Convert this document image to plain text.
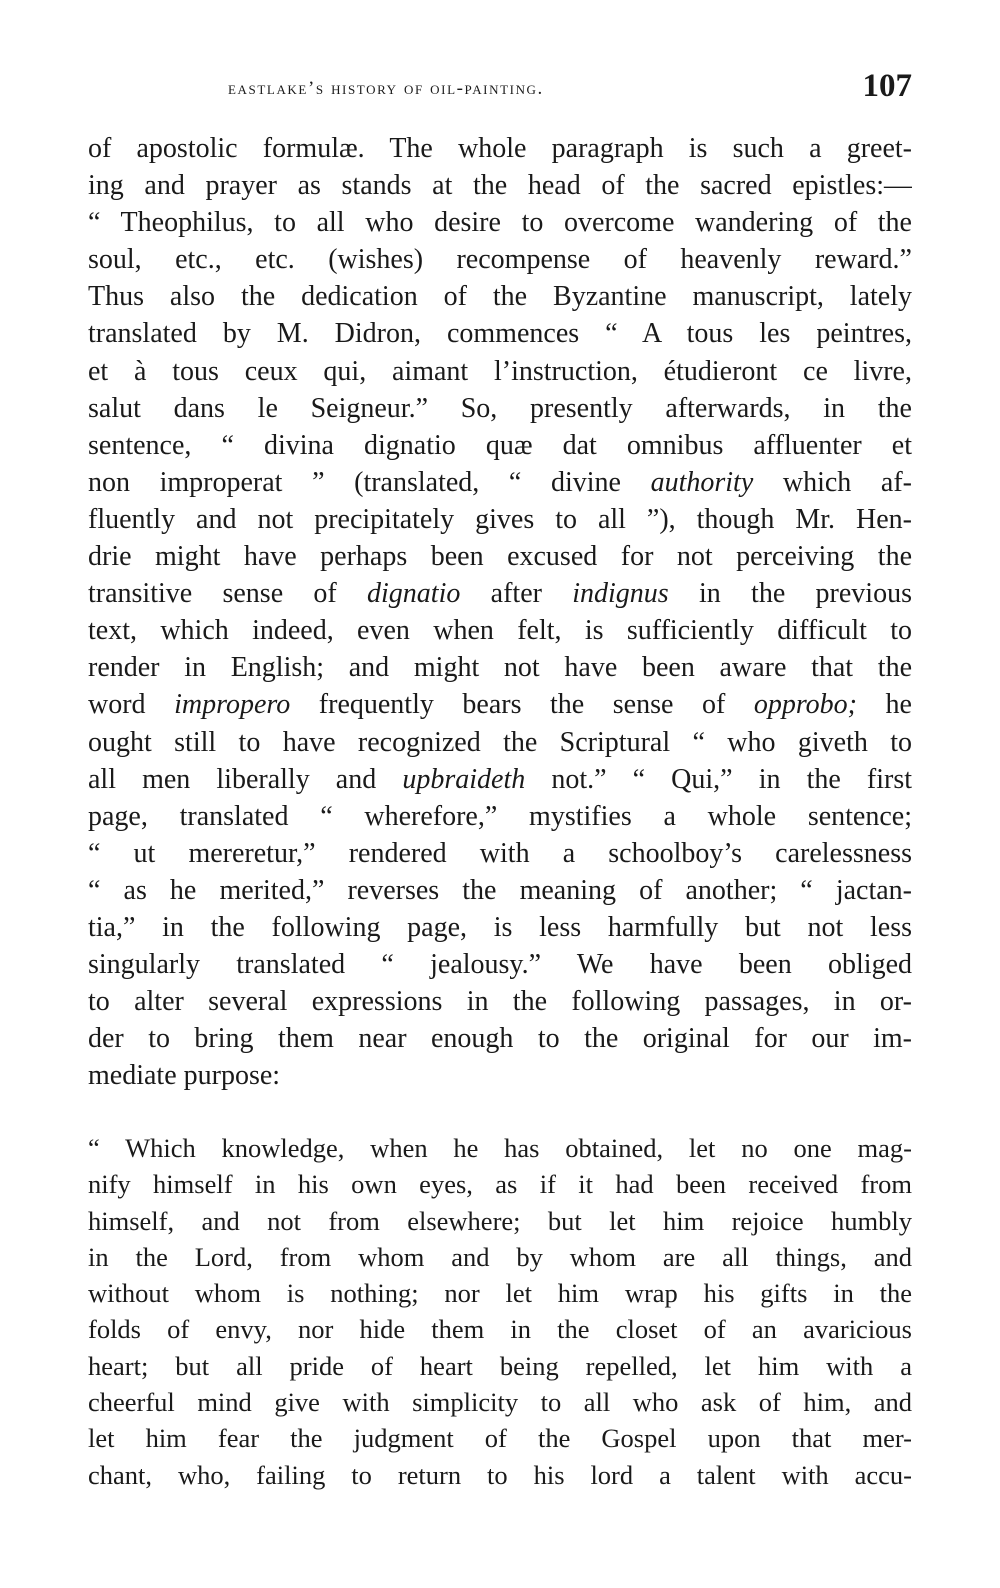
eastlake’s history of oil-painting.	107
of apostolic formulæ. The whole paragraph is such a greet-
ing and prayer as stands at the head of the sacred epistles:—
“ Theophilus, to all who desire to overcome wandering of the
soul, etc., etc. (wishes) recompense of heavenly reward.”
Thus also the dedication of the Byzantine manuscript, lately
translated by M. Didron, commences “ A tous les peintres,
et à tous ceux qui, aimant l’instruction, étudieront ce livre,
salut dans le Seigneur.” So, presently afterwards, in the
sentence, “ divina dignatio quæ dat omnibus affluenter et
non improperat ” (translated, “ divine authority which af-
fluently and not precipitately gives to all ”), though Mr. Hen-
drie might have perhaps been excused for not perceiving the
transitive sense of dignatio after indignus in the previous
text, which indeed, even when felt, is sufficiently difficult to
render in English; and might not have been aware that the
word impropero frequently bears the sense of opprobo; he
ought still to have recognized the Scriptural “ who giveth to
all men liberally and upbraideth not.” “ Qui,” in the first
page, translated “ wherefore,” mystifies a whole sentence;
“ ut mereretur,” rendered with a schoolboy’s carelessness
“ as he merited,” reverses the meaning of another; “ jactan-
tia,” in the following page, is less harmfully but not less
singularly translated “ jealousy.” We have been obliged
to alter several expressions in the following passages, in or-
der to bring them near enough to the original for our im-
mediate purpose:
“ Which knowledge, when he has obtained, let no one mag-
nify himself in his own eyes, as if it had been received from
himself, and not from elsewhere; but let him rejoice humbly
in the Lord, from whom and by whom are all things, and
without whom is nothing; nor let him wrap his gifts in the
folds of envy, nor hide them in the closet of an avaricious
heart; but all pride of heart being repelled, let him with a
cheerful mind give with simplicity to all who ask of him, and
let him fear the judgment of the Gospel upon that mer-
chant, who, failing to return to his lord a talent with accu-
